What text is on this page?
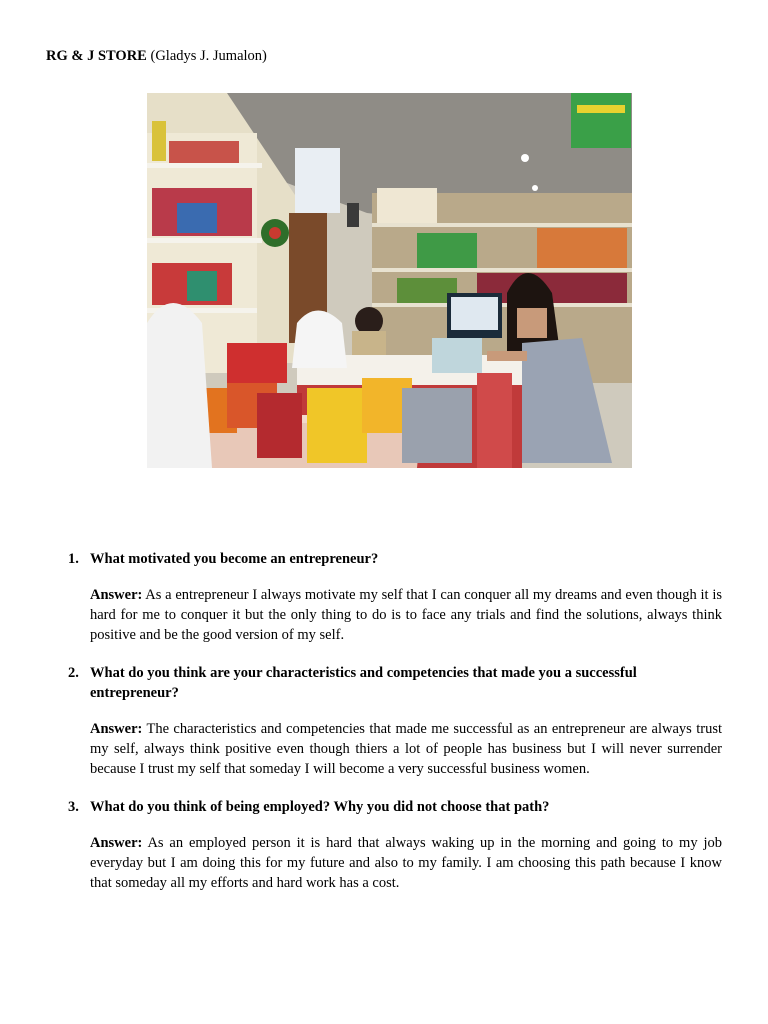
RG & J STORE (Gladys J. Jumalon)
1. What motivated you become an entrepreneur?
Answer: As a entrepreneur I always motivate my self that I can conquer all my dreams and even though it is hard for me to conquer it but the only thing to do is to face any trials and find the solutions, always think positive and be the good version of my self.
2. What do you think are your characteristics and competencies that made you a successful entrepreneur?
Answer: The characteristics and competencies that made me successful as an entrepreneur are always trust my self, always think positive even though thiers a lot of people has business but I will never surrender because I trust my self that someday I will become a very successful business women.
3. What do you think of being employed? Why you did not choose that path?
Answer: As an employed person it is hard that always waking up in the morning and going to my job everyday but I am doing this for my future and also to my family. I am choosing this path because I know that someday all my efforts and hard work has a cost.
